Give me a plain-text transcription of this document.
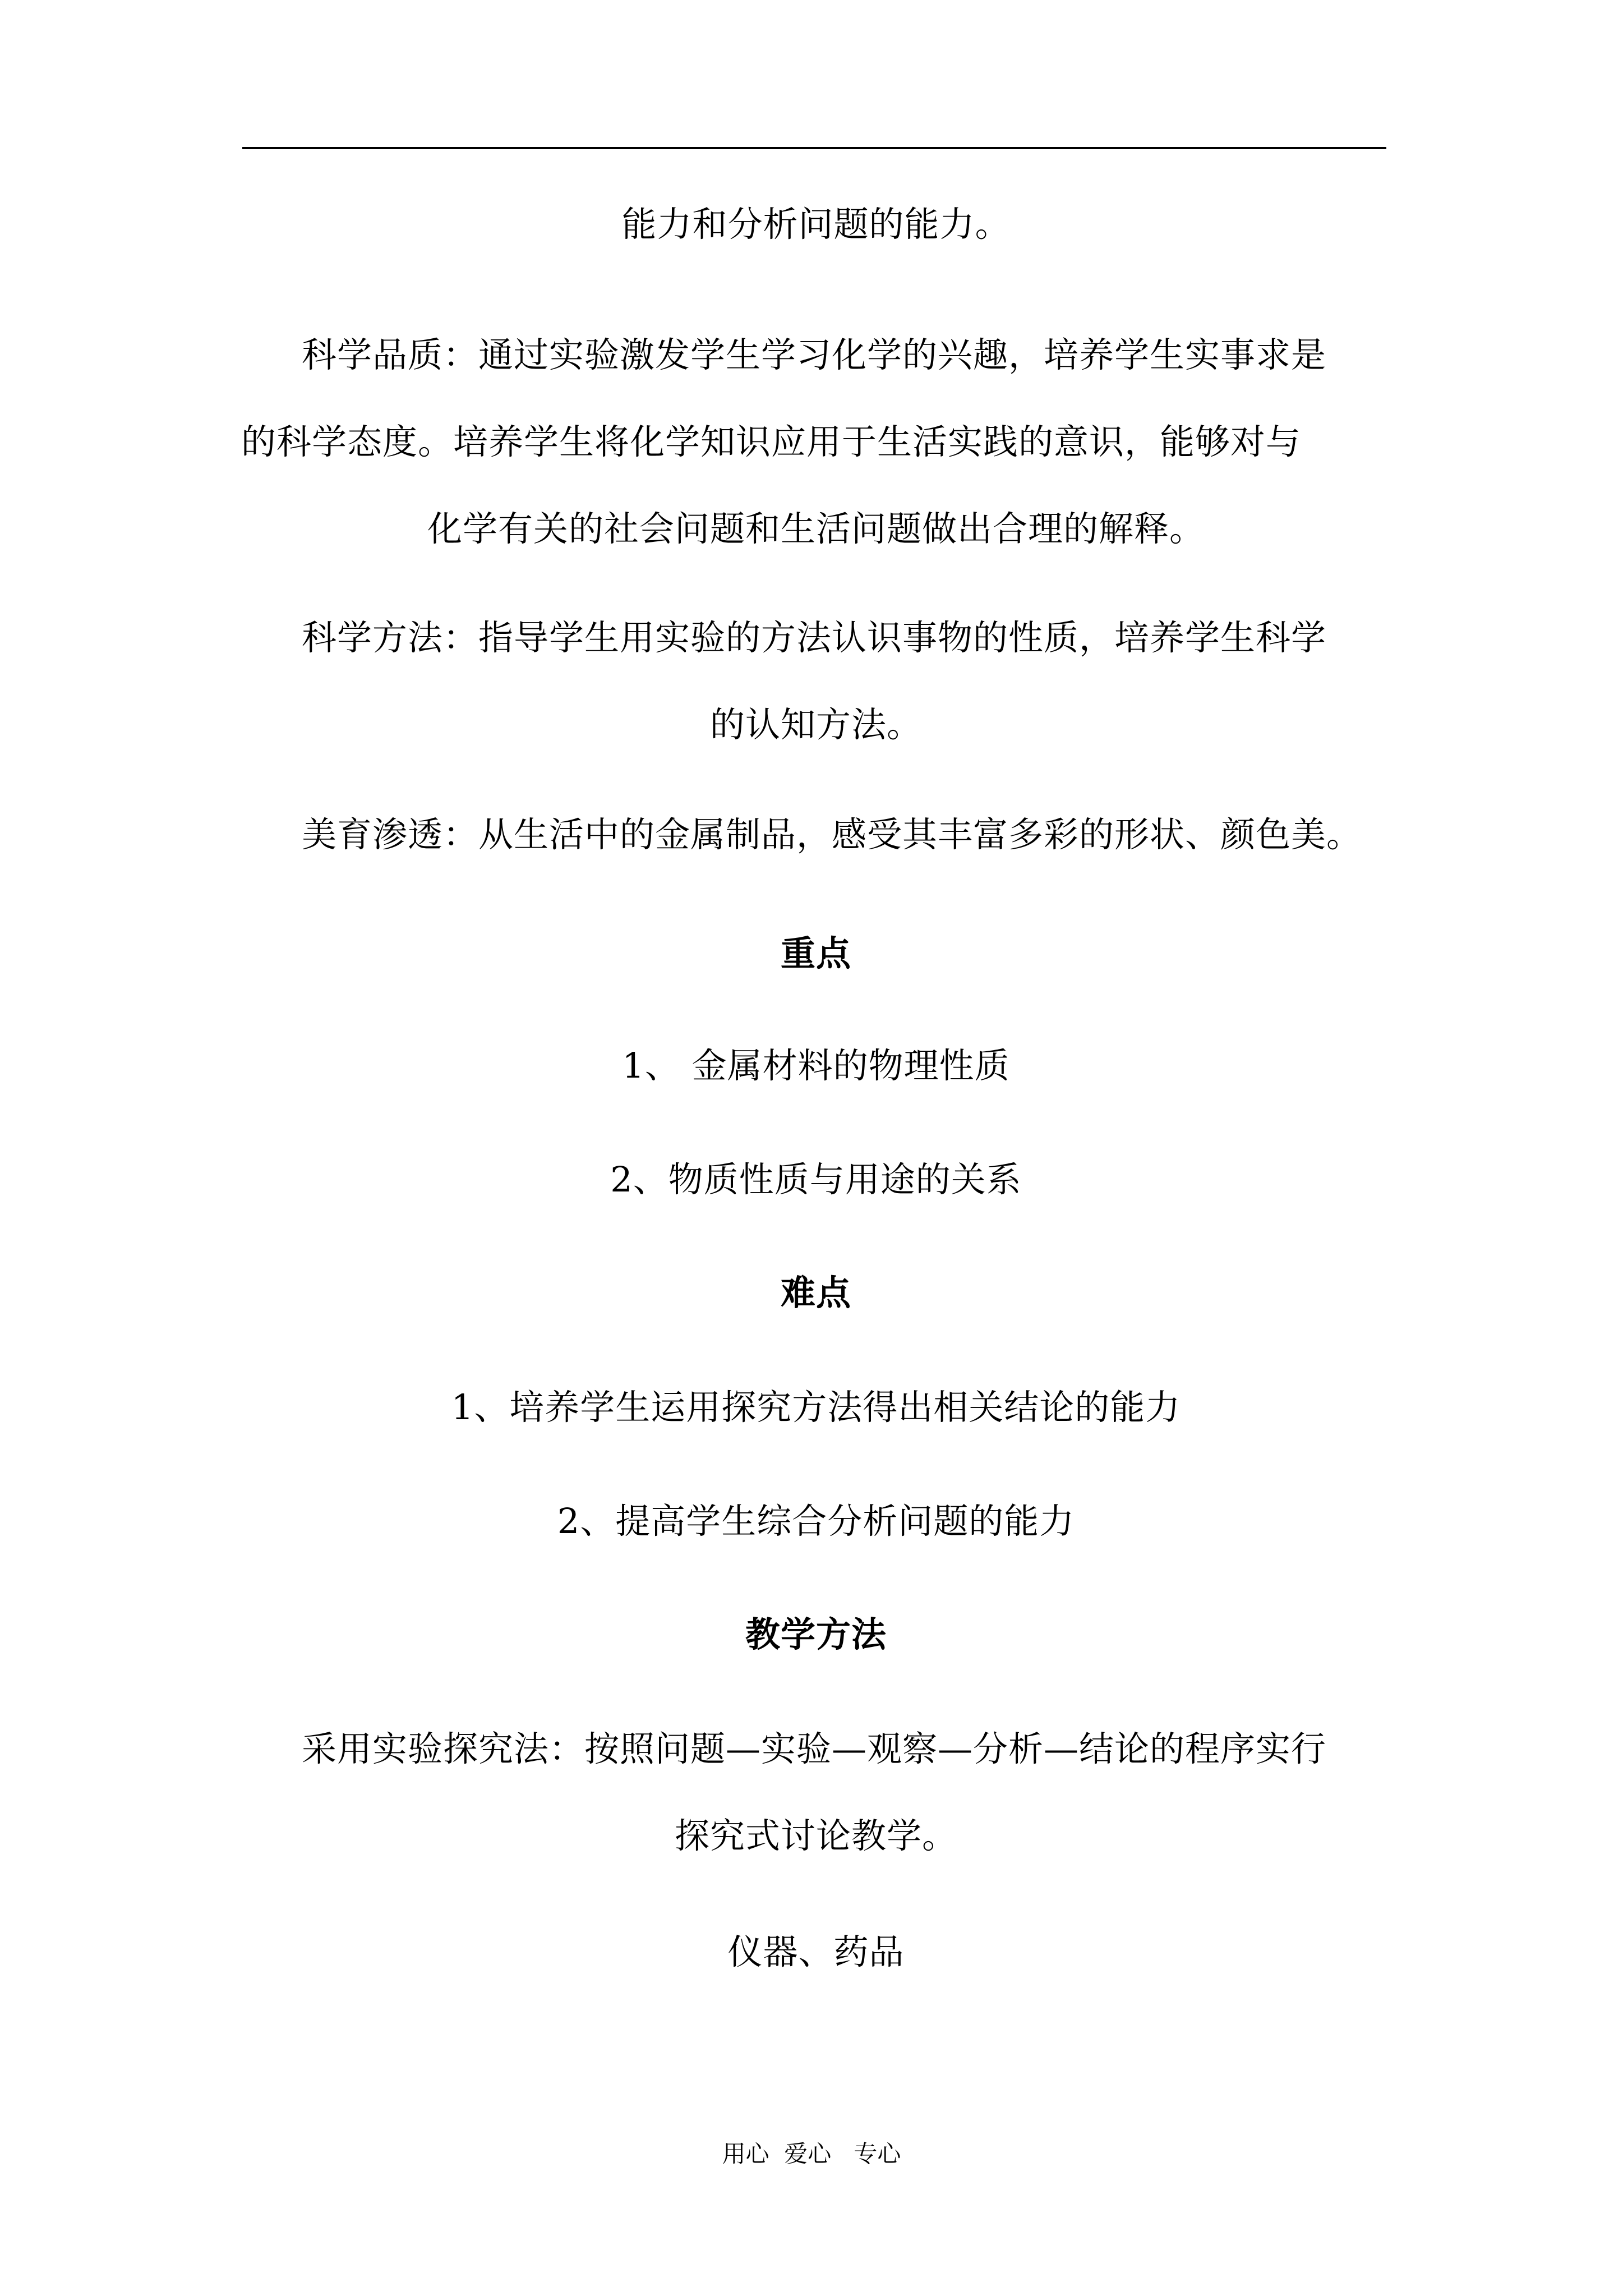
能力和分析问题的能力。
科学品质：通过实验激发学生学习化学的兴趣，培养学生实事求是
的科学态度。培养学生将化学知识应用于生活实践的意识，能够对与
化学有关的社会问题和生活问题做出合理的解释。
科学方法：指导学生用实验的方法认识事物的性质，培养学生科学
的认知方法。
美育渗透：从生活中的金属制品，感受其丰富多彩的形状、颜色美。
重点
1、 金属材料的物理性质
2、物质性质与用途的关系
难点
1、培养学生运用探究方法得出相关结论的能力
2、提高学生综合分析问题的能力
教学方法
采用实验探究法：按照问题—实验—观察—分析—结论的程序实行
探究式讨论教学。
仪器、药品
用心  爱心   专心
